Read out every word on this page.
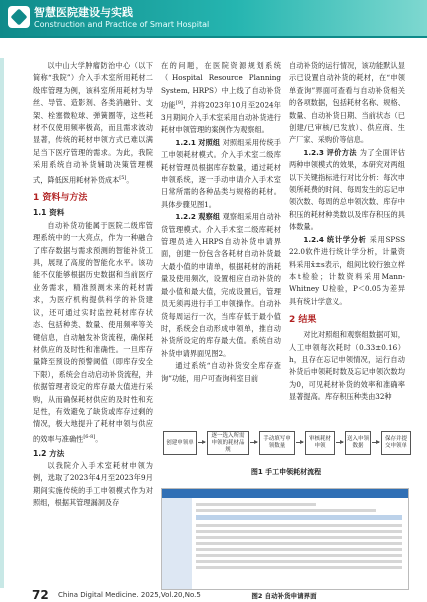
智慧医院建设与实践
Construction and Practice of Smart Hospital

以中山大学肿瘤防治中心（以下简称“我院”）介入手术室所用耗材二级库管理为例，该科室所用耗材为导丝、导管、造影剂、各类消融针、支架、栓塞微粒球、弹簧圈等，这些耗材不仅使用频率极高，而且需求波动显著，传统的耗材申领方式已难以满足当下医疗管理的需求。为此，我院采用系统自动补货辅助决策管理模式，降低医用耗材补货成本[5]。

1 资料与方法
1.1 资料

自动补货功能属于医院二级库管理系统中的一大亮点，作为一种融合了库存数据与需求预测的智能补货工具，展现了高度的智能化水平。该功能不仅能够根据历史数据和当前医疗业务需求，精准预测未来的耗材需求，为医疗机构提供科学的补货建议，还可通过实时监控耗材库存状态、包括种类、数量、使用频率等关键信息，自动触发补货流程，确保耗材供应的及时性和准确性。一旦库存量降至预设的预警阈值（即库存安全下限），系统会自动启动补货流程，并依据管理者设定的库存最大值进行采购，从而确保耗材供应的及时性和充足性，有效避免了缺货或库存过剩的情况，极大地提升了耗材申领与供应的效率与准确性[6-8]。

1.2 方法

以我院介入手术室耗材申领为例，选取了2023年4月至2023年9月期间实施传统的手工申领模式作为对照组，根据其管理漏洞及存

在的问题，在医院资源规划系统（Hospital Resource Planning System, HRPS）中上线了自动补货功能[9]，并将2023年10月至2024年3月期间介入手术室采用自动补货进行耗材申领管理的案例作为观察组。

1.2.1 对照组 对照组采用传统手工申领耗材模式。介入手术室二级库耗材管理员根据库存数量，通过耗材申领系统，逐一手动申请介入手术室日常所需的各种品类与规格的耗材。具体步骤见图1。

1.2.2 观察组 观察组采用自动补货管理模式。介入手术室二级库耗材管理员进入HRPS自动补货申请界面，创建一份包含各耗材自动补货最大最小值的申请单，根据耗材的消耗量及使用频次，设置相应自动补货的最小值和最大值，完成设置后，管理员无须再进行手工申领操作。自动补货每周运行一次，当库存低于最小值时，系统会自动形成申领单，推自动补货所设定的库存最大值。系统自动补货申请界面见图2。

通过系统“自动补货安全库存查询”功能，用户可查询科室目前

自动补货的运行情况，该功能默认显示已设置自动补货的耗材，在“申领单查询”界面可查看与自动补货相关的各项数据，包括耗材名称、规格、数量、自动补货日期、当前状态（已创建/已审核/已发放）、供应商、生产厂家、采购价等信息。

1.2.3 评价方法 为了全面评估两种申领模式的效果，本研究对两组以下关键指标进行对比分析：每次申领所耗费的时间、每周发生的忘记申领次数、每周的总申领次数、库存中积压的耗材种类数以及库存积压的具体数量。

1.2.4 统计学分析 采用SPSS 22.0软件进行统计学分析，计量资料采用x̄±s表示，组间比较行独立样本t检验；计数资料采用Mann-Whitney U检验，P＜0.05为差异具有统计学意义。

2 结果

对比对照组和观察组数据可知，人工申领每次耗时（0.33±0.16）h，且存在忘记申领情况，运行自动补货后申领耗时数及忘记申领次数均为0，可见耗材补货的效率和准确率显著提高。库存积压种类由32种

创建申领单
逐一选入所需申领的耗材品规
手动填写申领数量
审核耗材申领
送入申领数据
保存并提交申领单
图1 手工申领耗材流程
图2 自动补货申请界面
72 China Digital Medicine. 2025,Vol.20,No.5
